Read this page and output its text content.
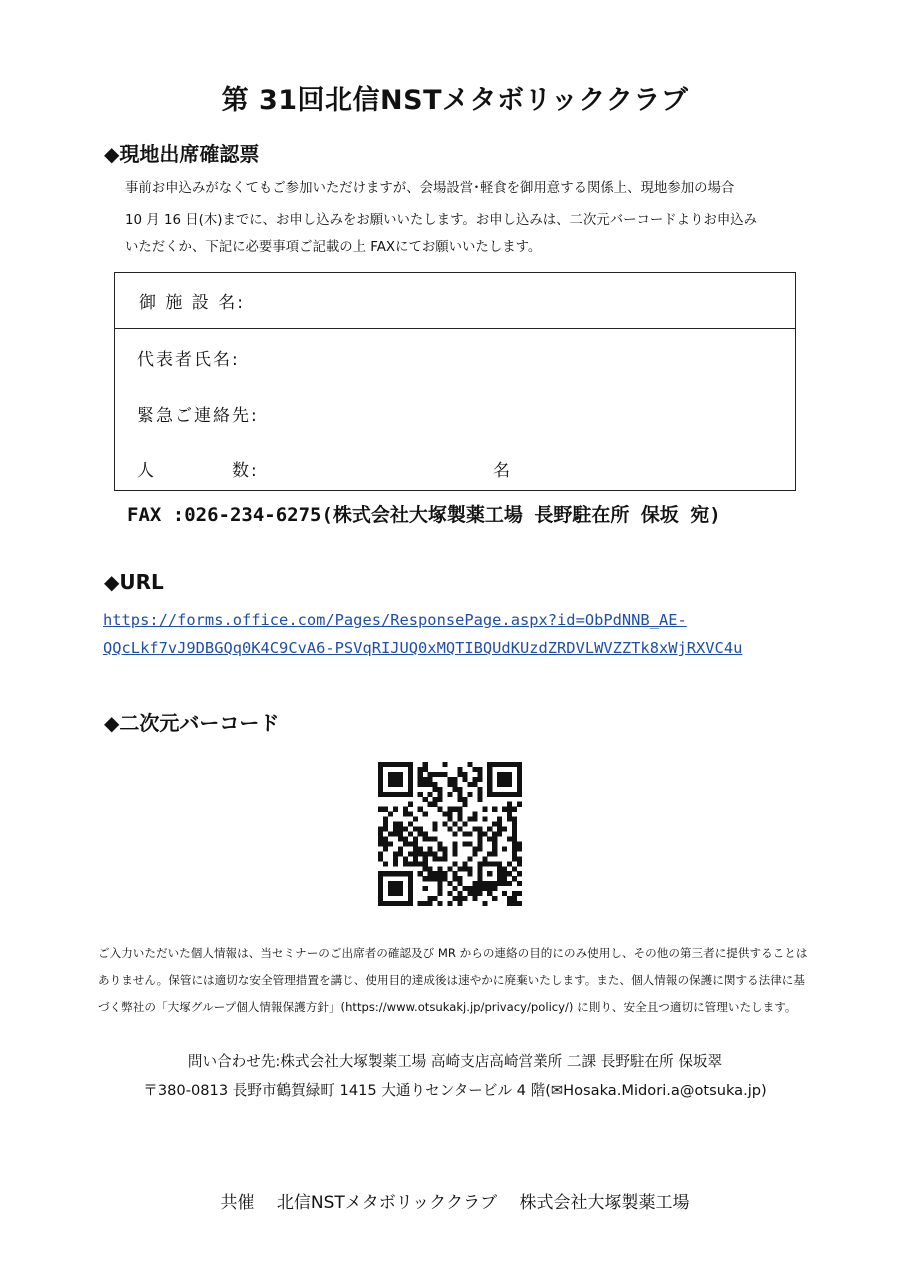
第 31回北信NSTメタボリッククラブ
◆現地出席確認票
事前お申込みがなくてもご参加いただけますが、会場設営･軽食を御用意する関係上、現地参加の場合
10 月 16 日(木)までに、お申し込みをお願いいたします。お申し込みは、二次元バーコードよりお申込み
いただくか、下記に必要事項ご記載の上 FAXにてお願いいたします。
御 施 設 名:
代表者氏名:
緊急ご連絡先:
人　　　　数:	名
FAX :026-234-6275(株式会社大塚製薬工場 長野駐在所 保坂 宛)
◆URL
https://forms.office.com/Pages/ResponsePage.aspx?id=ObPdNNB_AE-
QQcLkf7vJ9DBGQq0K4C9CvA6-PSVqRIJUQ0xMQTIBQUdKUzdZRDVLWVZZTk8xWjRXVC4u
◆二次元バーコード
ご入力いただいた個人情報は、当セミナーのご出席者の確認及び MR からの連絡の目的にのみ使用し、その他の第三者に提供することは
ありません。保管には適切な安全管理措置を講じ、使用目的達成後は速やかに廃棄いたします。また、個人情報の保護に関する法律に基
づく弊社の「大塚グループ個人情報保護方針」(https://www.otsukakj.jp/privacy/policy/) に則り、安全且つ適切に管理いたします。
問い合わせ先:株式会社大塚製薬工場 高崎支店高崎営業所 二課 長野駐在所 保坂翠
〒380-0813 長野市鶴賀緑町 1415 大通りセンタービル 4 階(✉Hosaka.Midori.a@otsuka.jp)
共催　 北信NSTメタボリッククラブ　 株式会社大塚製薬工場
